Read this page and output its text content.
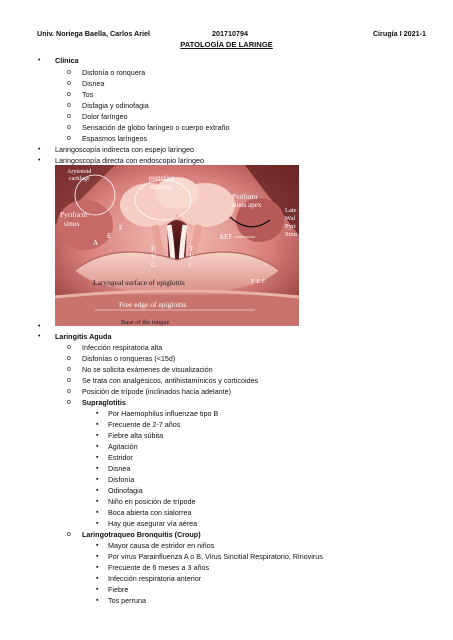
Univ. Noriega Baella, Carlos Ariel	201710794	Cirugía I 2021-1
PATOLOGÍA DE LARINGE
• Clínica
o Disfonía o ronquera
o Disnea
o Tos
o Disfagia y odinofagia
o Dolor faríngeo
o Sensación de globo faríngeo o cuerpo extraño
o Espasmos laríngeos
• Laringoscopía indirecta con espejo laríngeo
• Laringoscopía directa con endoscopio laríngeo
Arytenoid
cartilage	posterior
mucosa
Pyriform
sinus
Pyriform
sinus apex
Late
Wal
Pyri
Sinu
F
E
A
AEF
F E F
F
V
C
T
V
C
Laryngeal surface of epiglottis
Free edge of epiglottis
Base of the tongue
•
• Laringitis Aguda
o Infección respiratoria alta
o Disfonías o ronqueras (<15d)
o No se solicita exámenes de visualización
o Se trata con analgésicos, antihistamínicos y corticoides
o Posición de trípode (inclinados hacia adelante)
o Supraglotitis
▪ Por Haemophilus influenzae tipo B
▪ Frecuente de 2-7 años
▪ Fiebre alta súbita
▪ Agitación
▪ Estridor
▪ Disnea
▪ Disfonía
▪ Odinofagia
▪ Niño en posición de trípode
▪ Boca abierta con sialorrea
▪ Hay que asegurar vía aérea
o Laringotraqueo Bronquitis (Croup)
▪ Mayor causa de estridor en niños
▪ Por virus Parainfluenza A o B, Virus Sincitial Respiratorio, Rinovirus
▪ Frecuente de 6 meses a 3 años
▪ Infección respiratoria anterior
▪ Fiebre
▪ Tos perruna
